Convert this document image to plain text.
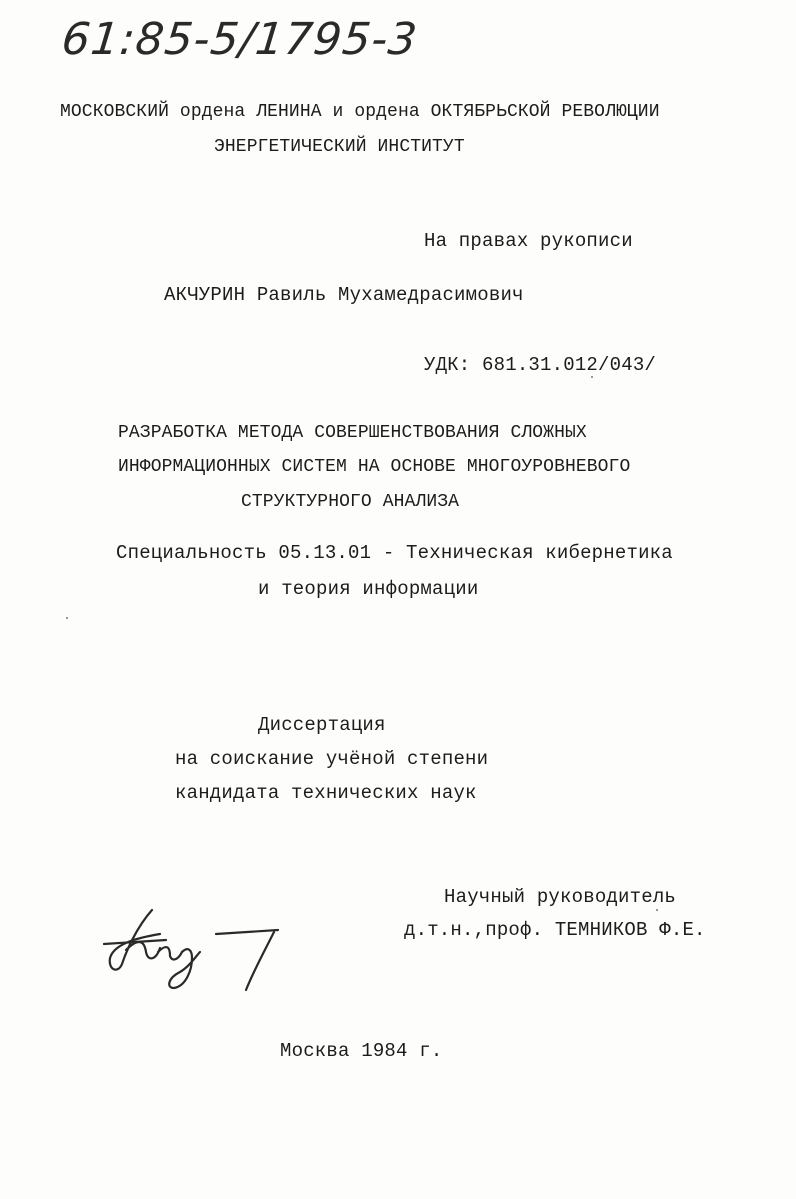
61:85-5/1795-3
МОСКОВСКИЙ ордена ЛЕНИНА и ордена ОКТЯБРЬСКОЙ РЕВОЛЮЦИИ
ЭНЕРГЕТИЧЕСКИЙ ИНСТИТУТ
На правах рукописи
АКЧУРИН Равиль Мухамедрасимович
УДК: 681.31.012/043/
РАЗРАБОТКА МЕТОДА СОВЕРШЕНСТВОВАНИЯ СЛОЖНЫХ
ИНФОРМАЦИОННЫХ СИСТЕМ НА ОСНОВЕ МНОГОУРОВНЕВОГО
СТРУКТУРНОГО АНАЛИЗА
Специальность 05.13.01 - Техническая кибернетика
и теория информации
Диссертация
на соискание учёной степени
кандидата технических наук
Научный руководитель
д.т.н.,проф. ТЕМНИКОВ Ф.Е.
Москва 1984 г.
